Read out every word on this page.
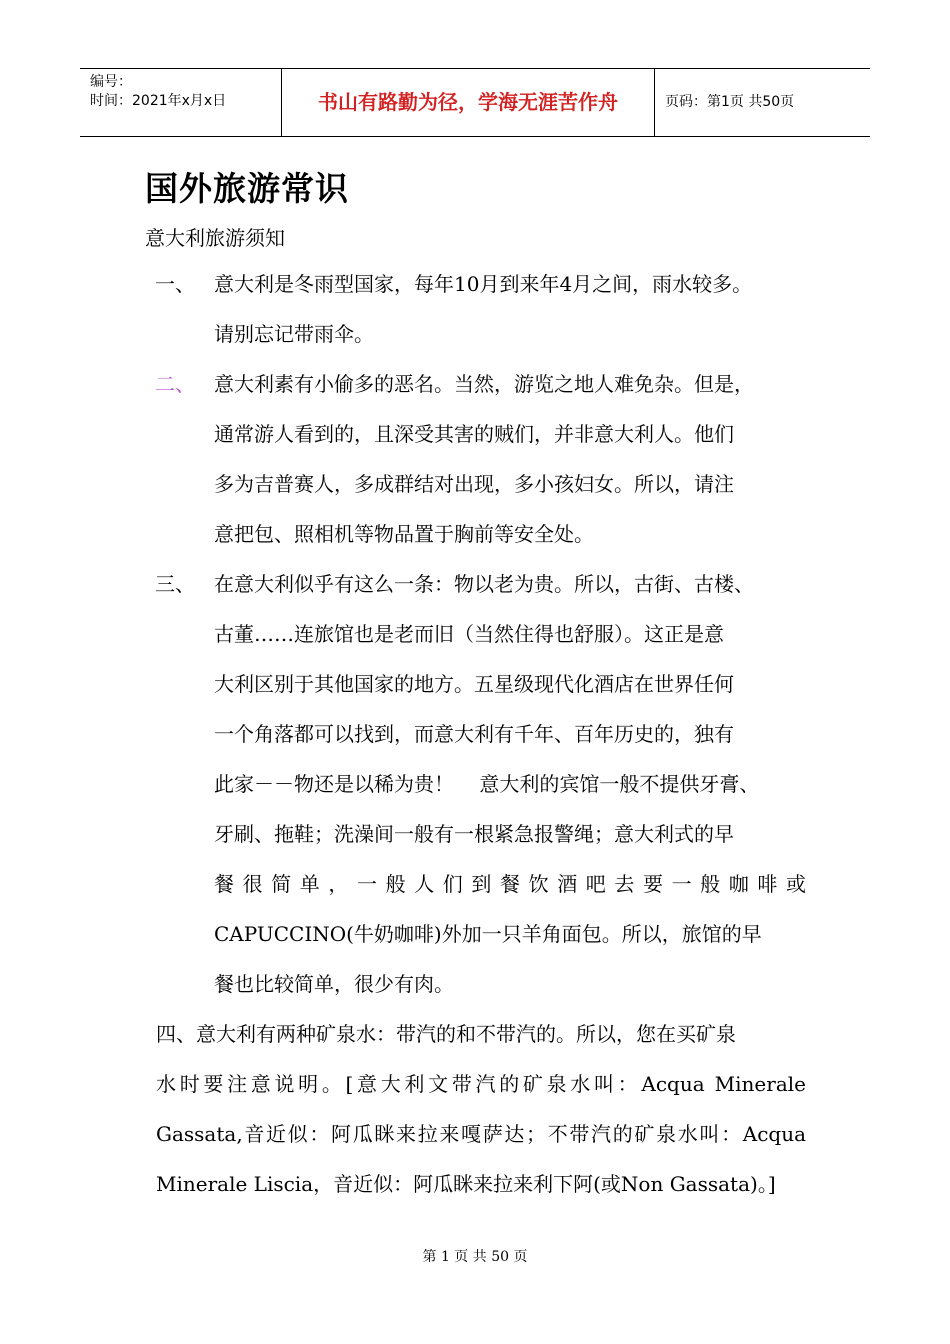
编号：
时间：2021年x月x日	书山有路勤为径，学海无涯苦作舟	页码：第1页 共50页
国外旅游常识
意大利旅游须知
一、 意大利是冬雨型国家，每年10月到来年4月之间，雨水较多。
请别忘记带雨伞。
二、 意大利素有小偷多的恶名。当然，游览之地人难免杂。但是，
通常游人看到的，且深受其害的贼们，并非意大利人。他们
多为吉普赛人，多成群结对出现，多小孩妇女。所以，请注
意把包、照相机等物品置于胸前等安全处。
三、 在意大利似乎有这么一条：物以老为贵。所以，古街、古楼、
古董……连旅馆也是老而旧（当然住得也舒服）。这正是意
大利区别于其他国家的地方。五星级现代化酒店在世界任何
一个角落都可以找到，而意大利有千年、百年历史的，独有
此家－－物还是以稀为贵！    意大利的宾馆一般不提供牙膏、
牙刷、拖鞋；洗澡间一般有一根紧急报警绳；意大利式的早
餐很简单，一般人们到餐饮酒吧去要一般咖啡或
CAPUCCINO(牛奶咖啡)外加一只羊角面包。所以，旅馆的早
餐也比较简单，很少有肉。
四、意大利有两种矿泉水：带汽的和不带汽的。所以，您在买矿泉
水时要注意说明。[意大利文带汽的矿泉水叫：Acqua Minerale
Gassata,音近似：阿瓜眯来拉来嘎萨达；不带汽的矿泉水叫：Acqua
Minerale Liscia，音近似：阿瓜眯来拉来利下阿(或Non Gassata)。]
第 1 页 共 50 页
